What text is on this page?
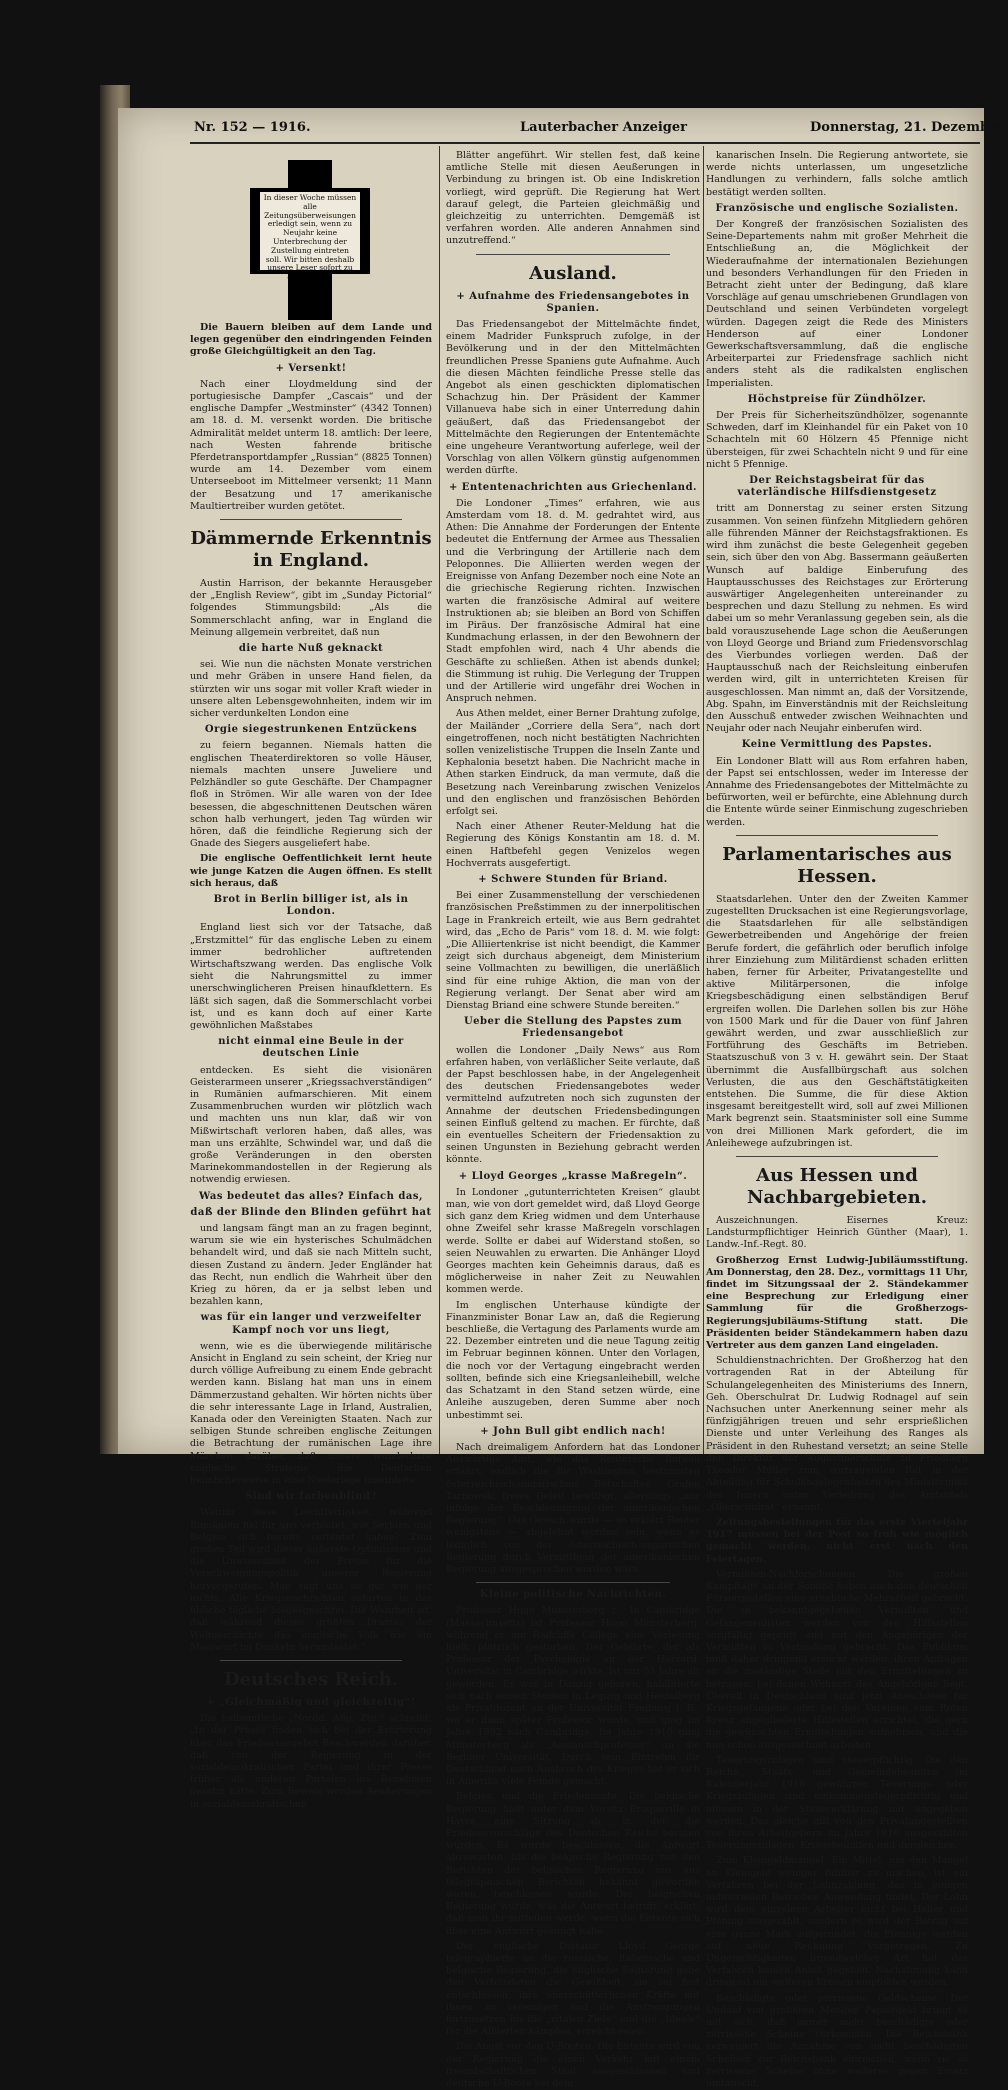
Nr. 152 — 1916.	Lauterbacher Anzeiger	Donnerstag, 21. Dezember.

Die Bauern bleiben auf dem Lande und legen gegenüber den eindringenden Feinden große Gleichgültigkeit an den Tag.

+ Versenkt!

Nach einer Lloydmeldung sind der portugiesische Dampfer „Cascais“ und der englische Dampfer „Westminster“ (4342 Tonnen) am 18. d. M. versenkt worden. Die britische Admiralität meldet unterm 18. amtlich: Der leere, nach Westen fahrende britische Pferdetransportdampfer „Russian“ (8825 Tonnen) wurde am 14. Dezember vom einem Unterseeboot im Mittelmeer versenkt; 11 Mann der Besatzung und 17 amerikanische Maultiertreiber wurden getötet.

Dämmernde Erkenntnis in England.

Austin Harrison, der bekannte Herausgeber der „English Review“, gibt im „Sunday Pictorial“ folgendes Stimmungsbild: „Als die Sommerschlacht anfing, war in England die Meinung allgemein verbreitet, daß nun

die harte Nuß geknackt

sei. Wie nun die nächsten Monate verstrichen und mehr Gräben in unsere Hand fielen, da stürzten wir uns sogar mit voller Kraft wieder in unsere alten Lebensgewohnheiten, indem wir im sicher verdunkelten London eine

Orgie siegestrunkenen Entzückens

zu feiern begannen. Niemals hatten die englischen Theaterdirektoren so volle Häuser, niemals machten unsere Juweliere und Pelzhändler so gute Geschäfte. Der Champagner floß in Strömen. Wir alle waren von der Idee besessen, die abgeschnittenen Deutschen wären schon halb verhungert, jeden Tag würden wir hören, daß die feindliche Regierung sich der Gnade des Siegers ausgeliefert habe.

Die englische Oeffentlichkeit lernt heute wie junge Katzen die Augen öffnen. Es stellt sich heraus, daß

Brot in Berlin billiger ist, als in London.

England liest sich vor der Tatsache, daß „Erstzmittel“ für das englische Leben zu einem immer bedrohlicher auftretenden Wirtschaftszwang werden. Das englische Volk sieht die Nahrungsmittel zu immer unerschwinglicheren Preisen hinaufklettern. Es läßt sich sagen, daß die Sommerschlacht vorbei ist, und es kann doch auf einer Karte gewöhnlichen Maßstabes

nicht einmal eine Beule in der deutschen Linie

entdecken. Es sieht die visionären Geisterarmeen unserer „Kriegssachverständigen“ in Rumänien aufmarschieren. Mit einem Zusammenbruchen wurden wir plötzlich wach und machten uns nun klar, daß wir von Mißwirtschaft verloren haben, daß alles, was man uns erzählte, Schwindel war, und daß die große Veränderungen in den obersten Marinekommandostellen in der Regierung als notwendig erwiesen.

Was bedeutet das alles? Einfach das,
daß der Blinde den Blinden geführt hat

und langsam fängt man an zu fragen beginnt, warum sie wie ein hysterisches Schulmädchen behandelt wird, und daß sie nach Mitteln sucht, diesen Zustand zu ändern. Jeder Engländer hat das Recht, nun endlich die Wahrheit über den Krieg zu hören, da er ja selbst leben und bezahlen kann,

was für ein langer und verzweifelter Kampf noch vor uns liegt,

wenn, wie es die überwiegende militärische Ansicht in England zu sein scheint, der Krieg nur durch völlige Aufreibung zu einem Ende gebracht werden kann. Bislang hat man uns in einem Dämmerzustand gehalten. Wir hörten nichts über die sehr interessante Lage in Irland, Australien, Kanada oder den Vereinigten Staaten. Nach zur selbigen Stunde schreiben englische Zeitungen die Betrachtung der rumänischen Lage ihre Märchen darüber, daß unsere wunderbare englische Strategie die Deutschen heimlicherweise in eine Niederlage hineinleite.

Sind wir farbenblind?

Warum diese Leichtfertigkeit, während Rumänien fiel für uns verblutet, wie Serbien und Belgien sich bereits verblutet haben? Zum großen Teil wird dieser äußerste Optimismus und die Unwissenheit der Presse für die Verschweigungspolitik unserer Regierung hervorgerufen. Man sagt uns so gut wie gar nichts. Alle Kriegsnachrichten entarten in das übliche tägliche Siegesgeschrei. Die Wahrheit ist, daß während dieses größten Dramas der Weltgeschichte das englische Volk wie ein Maulwurf im Dunkeln herumtastet.“

Deutsches Reich.
+ „Gleichmäßig und gleichzeitig“!

Die halbamtliche „Nordd. Allg. Ztg.“ schreibt: „In der Presse finden sich bei der Erörterung über das Friedensangebot Beschwerden darüber, daß von der Regierung in der sozialdemokratischen Partei und ihrer Presse früher als anderen Parteien ins Benehmen gesetzt hätte. Zum Beweis werden Aeußerungen in sozialdemokratischen

In dieser Woche müssen alle Zeitungsüberweisungen erledigt sein, wenn zu Neujahr keine Unterbrechung der Zustellung eintreten soll. Wir bitten deshalb unsere Leser sofort zu

Blätter angeführt. Wir stellen fest, daß keine amtliche Stelle mit diesen Aeußerungen in Verbindung zu bringen ist. Ob eine Indiskretion vorliegt, wird geprüft. Die Regierung hat Wert darauf gelegt, die Parteien gleichmäßig und gleichzeitig zu unterrichten. Demgemäß ist verfahren worden. Alle anderen Annahmen sind unzutreffend.“

Ausland.
+ Aufnahme des Friedensangebotes in Spanien.

Das Friedensangebot der Mittelmächte findet, einem Madrider Funkspruch zufolge, in der Bevölkerung und in der den Mittelmächten freundlichen Presse Spaniens gute Aufnahme. Auch die diesen Mächten feindliche Presse stelle das Angebot als einen geschickten diplomatischen Schachzug hin. Der Präsident der Kammer Villanueva habe sich in einer Unterredung dahin geäußert, daß das Friedensangebot der Mittelmächte den Regierungen der Ententemächte eine ungeheure Verantwortung auferlege, weil der Vorschlag von allen Völkern günstig aufgenommen werden dürfte.

+ Ententenachrichten aus Griechenland.

Die Londoner „Times“ erfahren, wie aus Amsterdam vom 18. d. M. gedrahtet wird, aus Athen: Die Annahme der Forderungen der Entente bedeutet die Entfernung der Armee aus Thessalien und die Verbringung der Artillerie nach dem Peloponnes. Die Alliierten werden wegen der Ereignisse von Anfang Dezember noch eine Note an die griechische Regierung richten. Inzwischen warten die französische Admiral auf weitere Instruktionen ab; sie bleiben an Bord von Schiffen im Piräus. Der französische Admiral hat eine Kundmachung erlassen, in der den Bewohnern der Stadt empfohlen wird, nach 4 Uhr abends die Geschäfte zu schließen. Athen ist abends dunkel; die Stimmung ist ruhig. Die Verlegung der Truppen und der Artillerie wird ungefähr drei Wochen in Anspruch nehmen.

Aus Athen meldet, einer Berner Drahtung zufolge, der Mailänder „Corriere della Sera“, nach dort eingetroffenen, noch nicht bestätigten Nachrichten sollen venizelistische Truppen die Inseln Zante und Kephalonia besetzt haben. Die Nachricht mache in Athen starken Eindruck, da man vermute, daß die Besetzung nach Vereinbarung zwischen Venizelos und den englischen und französischen Behörden erfolgt sei.

Nach einer Athener Reuter-Meldung hat die Regierung des Königs Konstantin am 18. d. M. einen Haftbefehl gegen Venizelos wegen Hochverrats ausgefertigt.

+ Schwere Stunden für Briand.

Bei einer Zusammenstellung der verschiedenen französischen Preßstimmen zu der innerpolitischen Lage in Frankreich erteilt, wie aus Bern gedrahtet wird, das „Echo de Paris“ vom 18. d. M. wie folgt: „Die Alliiertenkrise ist nicht beendigt, die Kammer zeigt sich durchaus abgeneigt, dem Ministerium seine Vollmachten zu bewilligen, die unerläßlich sind für eine ruhige Aktion, die man von der Regierung verlangt. Der Senat aber wird am Dienstag Briand eine schwere Stunde bereiten.“

Ueber die Stellung des Papstes zum Friedensangebot

wollen die Londoner „Daily News“ aus Rom erfahren haben, von verläßlicher Seite verlaute, daß der Papst beschlossen habe, in der Angelegenheit des deutschen Friedensangebotes weder vermittelnd aufzutreten noch sich zugunsten der Annahme der deutschen Friedensbedingungen seinen Einfluß geltend zu machen. Er fürchte, daß ein eventuelles Scheitern der Friedensaktion zu seinen Ungunsten in Beziehung gebracht werden könnte.

+ Lloyd Georges „krasse Maßregeln“.

In Londoner „gutunterrichteten Kreisen“ glaubt man, wie von dort gemeldet wird, daß Lloyd George sich ganz dem Krieg widmen und dem Unterhause ohne Zweifel sehr krasse Maßregeln vorschlagen werde. Sollte er dabei auf Widerstand stoßen, so seien Neuwahlen zu erwarten. Die Anhänger Lloyd Georges machten kein Geheimnis daraus, daß es möglicherweise in naher Zeit zu Neuwahlen kommen werde.

Im englischen Unterhause kündigte der Finanzminister Bonar Law an, daß die Regierung beschließe, die Vertagung des Parlaments wurde am 22. Dezember eintreten und die neue Tagung zeitig im Februar beginnen können. Unter den Vorlagen, die noch vor der Vertagung eingebracht werden sollten, befinde sich eine Kriegsanleihebill, welche das Schatzamt in den Stand setzen würde, eine Anleihe auszugeben, deren Summe aber noch unbestimmt sei.

+ John Bull gibt endlich nach!

Nach dreimaligem Anfordern hat das Londoner Auswärtige Amt, wie das Reutersche Bureau erfährt, endlich die für Washington bestimmten österreichisch-ungarischen Botschafter Grafen Tarnowski freies Geleit bewilligt, allerdings „nur infolge der Beschleunigung der amerikanischen Regierung“. Das Gesuch wurde — so erklärt Reuter wenigstens — abgelehnt worden sein, wenn es lediglich von der österreichisch-ungarischen Regierung durch Vermittlung der amerikanischen Regierung ausgesprochen worden wäre.

Kleine politische Nachrichten.

Professor Hugo Münsterberg †. In Cambridge (Massachusetts) ist Professor Hugo Münsterberg, während er am Radcliffe College eine Vorlesung hielt, plötzlich gestorben. Der Gelehrte, der als Professor der Psychologie an der Harvard-Universität in Cambridge wirkte, ist nur 53 Jahre alt geworden. Er war in Danzig geboren, habilitierte sich nach seinen Studien in Leipzig und Heidelberg als Privatdozent an der Universität Freiburg i. B., wo er dann später Professor wurde, und ging im Jahre 1892 nach Cambridge. Im Jahre 1910 ging Münsterberg als „Austauschprofessor“ an die Berliner Universität. Durch sein Eintreten für Deutschland nach Ausbruch des Krieges hat er sich in Amerika viele Feinde gemacht.

Belgien und die Friedensnote. Die belgische Regierung hielt unter dem Vorsitz Broqueville in Havre eine Sitzung ab, in der die Friedensvorschläge des Deutschen Reichs beraten wurden. Es wurde beschlossen, die Antwort abzuwarten, bis die belgische Regierung von den Berichten der belgischen Regierung nur aus telegraphischen Berichten bekannt geworden waren, beschlossen wurde. Der belgischen Regierung wurde, was die Antwort betrifft, erklärt, daß man ihr mitteilen werde, wenn die Entente sich über eine Antwort geeinigt habe.

Der englische Diktator Lloyd George telegraphierte an die russische, italienische und belgische Regierung, die englische Regierung gebe den Verbündeten die Gewißheit, sie sei fest entschlossen, ihre unerschütterlichen Kräfte mit ihnen zu vereinigen und die Anstrengungen fortzusetzen bis die „vitalen Ziele“ und die „Ideale“ für die Alliierten kämpfen, erreicht seien.

Die Angst vor den U-Booten. Die Entente wird von der Regierung die einen Verkehr mit einem freundschaftlichen Staat ausgeschlossen und deutsche U-Boote bei dem

kanarischen Inseln. Die Regierung antwortete, sie werde nichts unterlassen, um ungesetzliche Handlungen zu verhindern, falls solche amtlich bestätigt werden sollten.

Französische und englische Sozialisten.

Der Kongreß der französischen Sozialisten des Seine-Departements nahm mit großer Mehrheit die Entschließung an, die Möglichkeit der Wiederaufnahme der internationalen Beziehungen und besonders Verhandlungen für den Frieden in Betracht zieht unter der Bedingung, daß klare Vorschläge auf genau umschriebenen Grundlagen von Deutschland und seinen Verbündeten vorgelegt würden. Dagegen zeigt die Rede des Ministers Henderson auf einer Londoner Gewerkschaftsversammlung, daß die englische Arbeiterpartei zur Friedensfrage sachlich nicht anders steht als die radikalsten englischen Imperialisten.

Höchstpreise für Zündhölzer.

Der Preis für Sicherheitszündhölzer, sogenannte Schweden, darf im Kleinhandel für ein Paket von 10 Schachteln mit 60 Hölzern 45 Pfennige nicht übersteigen, für zwei Schachteln nicht 9 und für eine nicht 5 Pfennige.

Der Reichstagsbeirat für das vaterländische Hilfsdienstgesetz

tritt am Donnerstag zu seiner ersten Sitzung zusammen. Von seinen fünfzehn Mitgliedern gehören alle führenden Männer der Reichstagsfraktionen. Es wird ihm zunächst die beste Gelegenheit gegeben sein, sich über den von Abg. Bassermann geäußerten Wunsch auf baldige Einberufung des Hauptausschusses des Reichstages zur Erörterung auswärtiger Angelegenheiten untereinander zu besprechen und dazu Stellung zu nehmen. Es wird dabei um so mehr Veranlassung gegeben sein, als die bald vorauszusehende Lage schon die Aeußerungen von Lloyd George und Briand zum Friedensvorschlag des Vierbundes vorliegen werden. Daß der Hauptausschuß nach der Reichsleitung einberufen werden wird, gilt in unterrichteten Kreisen für ausgeschlossen. Man nimmt an, daß der Vorsitzende, Abg. Spahn, im Einverständnis mit der Reichsleitung den Ausschuß entweder zwischen Weihnachten und Neujahr oder nach Neujahr einberufen wird.

Keine Vermittlung des Papstes.

Ein Londoner Blatt will aus Rom erfahren haben, der Papst sei entschlossen, weder im Interesse der Annahme des Friedensangebotes der Mittelmächte zu befürworten, weil er befürchte, eine Ablehnung durch die Entente würde seiner Einmischung zugeschrieben werden.

Parlamentarisches aus Hessen.

Staatsdarlehen. Unter den der Zweiten Kammer zugestellten Drucksachen ist eine Regierungsvorlage, die Staatsdarlehen für alle selbständigen Gewerbetreibenden und Angehörige der freien Berufe fordert, die gefährlich oder beruflich infolge ihrer Einziehung zum Militärdienst schaden erlitten haben, ferner für Arbeiter, Privatangestellte und aktive Militärpersonen, die infolge Kriegsbeschädigung einen selbständigen Beruf ergreifen wollen. Die Darlehen sollen bis zur Höhe von 1500 Mark und für die Dauer von fünf Jahren gewährt werden, und zwar ausschließlich zur Fortführung des Geschäfts im Betrieben. Staatszuschuß von 3 v. H. gewährt sein. Der Staat übernimmt die Ausfallbürgschaft aus solchen Verlusten, die aus den Geschäftstätigkeiten entstehen. Die Summe, die für diese Aktion insgesamt bereitgestellt wird, soll auf zwei Millionen Mark begrenzt sein. Staatsminister soll eine Summe von drei Millionen Mark gefordert, die im Anleihewege aufzubringen ist.

Aus Hessen und Nachbargebieten.

Auszeichnungen. Eisernes Kreuz: Landsturmpflichtiger Heinrich Günther (Maar), 1. Landw.-Inf.-Regt. 80.

Großherzog Ernst Ludwig-Jubiläumsstiftung. Am Donnerstag, den 28. Dez., vormittags 11 Uhr, findet im Sitzungssaal der 2. Ständekammer eine Besprechung zur Erledigung einer Sammlung für die Großherzogs-Regierungsjubiläums-Stiftung statt. Die Präsidenten beider Ständekammern haben dazu Vertreter aus dem ganzen Land eingeladen.

Schuldienstnachrichten. Der Großherzog hat den vortragenden Rat in der Abteilung für Schulangelegenheiten des Ministeriums des Innern, Geh. Oberschulrat Dr. Ludwig Rodnagel auf sein Nachsuchen unter Anerkennung seiner mehr als fünfzigjährigen treuen und sehr ersprießlichen Dienste und unter Verleihung des Ranges als Präsident in den Ruhestand versetzt; an seine Stelle den Direktor der Augustinerschule zu Friedberg Theodor Müller zum vortragenden Rat in der Abteilung für Schulangelegenheiten des Ministeriums des Innern unter Verleihung des Amtstitels „Oberschulrat“ ernannt.

Zeitungsbestellungen für das erste Vierteljahr 1917 müssen bei der Post so früh wie möglich gemacht werden, nicht erst nach den Feiertagen.

Vermißten-Nachforschungen. Die großen Kampftage an der Somme haben auch den deutschen Fürsorgestellen eine erhebliche Mehrarbeit gebracht. Die so bekanntgegebenen Vermißten- und Gefangenenlisten werden von den Hilfsstellen sorgfältig geprüft und mit den Angehörigen der Vermißten in Verbindung gebracht. Das Publikum muß daher dringend ersucht werden, ihren Anfragen an die zuständige Stelle mit den Ermittelungen zu betrauen, bei denen Wohnort des Angehörigen liegt. Überall in Deutschland sind jetzt Ausschüsse für Kriegsgefangene oder bei den Vereinen vom Roten Kreuz angegliederte Hilfsstellen errichtet, die gern die gewünschten Ermittelungen aufnehmen, und die nun schon ausgezeichnet arbeiten.

Teuerungszulagen sind steuerpflichtig. Die den Reichs-, Staats- und Gemeindebeamten im Kalenderjahr 1916 gewährten Teuerungs- oder Kriegszulagen sind einkommensteuerpflichtig und müssen in der Steuererklärung mit angegeben werden. Das gleiche gilt von den Privatangestellten von ihren Arbeitgebern im Jahre 1916 ausgezahlten Teuerungszulagen, Kriegsbeihilfen und dergleichen.

Zum Kleingeldmangel. Ein Mittel, um den Mangel an Kleingeld weniger fühlbar zu machen, ist ein Verfahren bei der Lohnzahlung, das in einigen industriellen Betrieben Anwendung findet. Der Lohn wird dem einzelnen Arbeiter nicht bei Heller und Pfennig ausgezahlt, sondern es wird der Betrag auf eine ganze Mark aufgerundet, die Pfennige werden auf neue Rechnung vorgetragen. Zu Ungerechtigkeiten irgendwelcher Art hat das Verfahren keinen Anlaß gegeben. Nachahmung kann dringend um weiteren Kreisen empfohlen werden.

Beschädigte oder zerrissene Geldscheine. Der Umlauf von größeren Mengen Papiergeld bringt es mit sich, daß immer mehr beschädigte oder zerrissene Scheine vorkommen. Die Reichsbank verweigert die Annahme von nicht beschädigten Scheinen zur Reichsbank einreichen, wenn sie so zerrissene Scheine ohne weiteres gegen Ersatz umtauscht.
